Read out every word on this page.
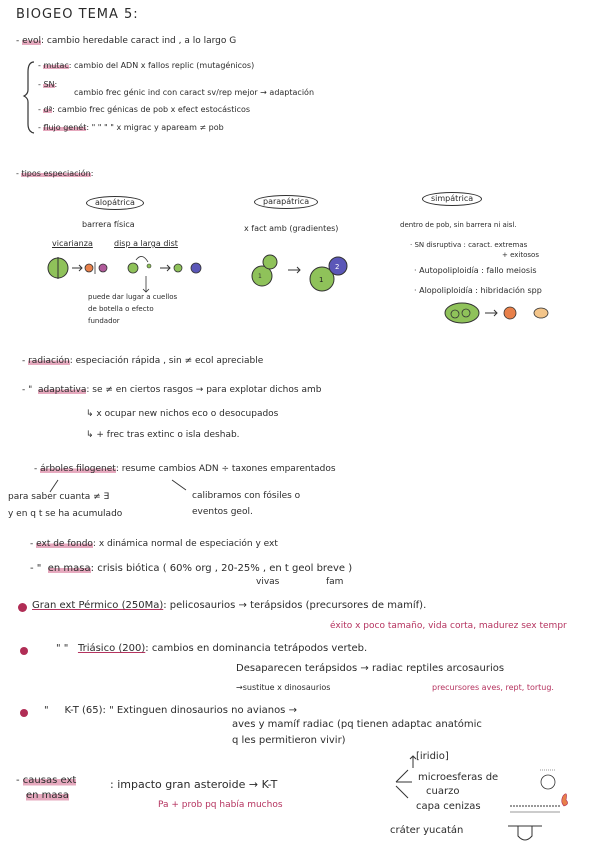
BIOGEO TEMA 5:
- evol: cambio heredable caract ind , a lo largo G
- mutac: cambio del ADN x fallos replic (mutagénicos)
- SN:
cambio frec génic ind con caract sv/rep mejor → adaptación
- dª: cambio frec génicas de pob x efect estocásticos
- flujo genét: " " " " x migrac y apaream ≠ pob
- tipos especiación:
alopátrica
barrera física
vicarianza	disp a larga dist
puede dar lugar a cuellos
de botella o efecto
fundador
parapátrica
x fact amb (gradientes)
simpátrica
dentro de pob, sin barrera ni aisl.
· SN disruptiva : caract. extremas
+ exitosos
· Autopoliploidía : fallo meiosis
· Alopoliploidía : hibridación spp
- radiación: especiación rápida , sin ≠ ecol apreciable
- " adaptativa: se ≠ en ciertos rasgos → para explotar dichos amb
↳ x ocupar new nichos eco o desocupados
↳ + frec tras extinc o isla deshab.
- árboles filogenet: resume cambios ADN ÷ taxones emparentados
para saber cuanta ≠ ∃
y en q t se ha acumulado
calibramos con fósiles o
eventos geol.
- ext de fondo: x dinámica normal de especiación y ext
- " en masa: crisis biótica ( 60% org , 20-25% , en t geol breve )
vivas	fam
Gran ext Pérmico (250Ma): pelicosaurios → terápsidos (precursores de mamíf).
éxito x poco tamaño, vida corta, madurez sex tempr
" " Triásico (200): cambios en dominancia tetrápodos verteb.
Desaparecen terápsidos → radiac reptiles arcosaurios
→sustitue x dinosaurios	precursores aves, rept, tortug.
" K-T (65): " Extinguen dinosaurios no avianos →
aves y mamíf radiac (pq tienen adaptac anatómic
q les permitieron vivir)
- causas ext
en masa
: impacto gran asteroide → K-T
Pa + prob pq había muchos
[iridio]
microesferas de
cuarzo
capa cenizas
cráter yucatán
1	1
2
